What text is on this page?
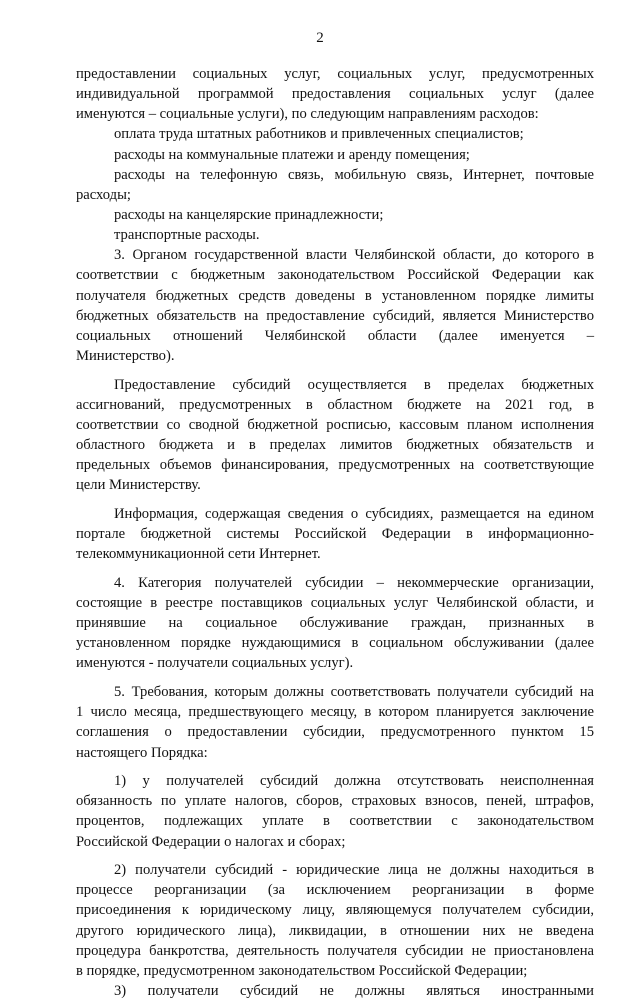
2
предоставлении социальных услуг, социальных услуг, предусмотренных
индивидуальной программой предоставления социальных услуг (далее
именуются – социальные услуги), по следующим направлениям расходов:
оплата труда штатных работников и привлеченных специалистов;
расходы на коммунальные платежи и аренду помещения;
расходы на телефонную связь, мобильную связь, Интернет, почтовые
расходы;
расходы на канцелярские принадлежности;
транспортные расходы.
3. Органом государственной власти Челябинской области, до которого в
соответствии с бюджетным законодательством Российской Федерации как
получателя бюджетных средств доведены в установленном порядке лимиты
бюджетных обязательств на предоставление субсидий, является Министерство
социальных отношений Челябинской области (далее именуется –
Министерство).
Предоставление субсидий осуществляется в пределах бюджетных
ассигнований, предусмотренных в областном бюджете на 2021 год, в
соответствии со сводной бюджетной росписью, кассовым планом исполнения
областного бюджета и в пределах лимитов бюджетных обязательств и
предельных объемов финансирования, предусмотренных на соответствующие
цели Министерству.
Информация, содержащая сведения о субсидиях, размещается на едином
портале бюджетной системы Российской Федерации в информационно-
телекоммуникационной сети Интернет.
4. Категория получателей субсидии – некоммерческие организации,
состоящие в реестре поставщиков социальных услуг Челябинской области, и
принявшие на социальное обслуживание граждан, признанных в
установленном порядке нуждающимися в социальном обслуживании (далее
именуются - получатели социальных услуг).
5. Требования, которым должны соответствовать получатели субсидий на
1 число месяца, предшествующего месяцу, в котором планируется заключение
соглашения о предоставлении субсидии, предусмотренного пунктом 15
настоящего Порядка:
1) у получателей субсидий должна отсутствовать неисполненная
обязанность по уплате налогов, сборов, страховых взносов, пеней, штрафов,
процентов, подлежащих уплате в соответствии с законодательством
Российской Федерации о налогах и сборах;
2) получатели субсидий - юридические лица не должны находиться в
процессе реорганизации (за исключением реорганизации в форме
присоединения к юридическому лицу, являющемуся получателем субсидии,
другого юридического лица), ликвидации, в отношении них не введена
процедура банкротства, деятельность получателя субсидии не приостановлена
в порядке, предусмотренном законодательством Российской Федерации;
3) получатели субсидий не должны являться иностранными
